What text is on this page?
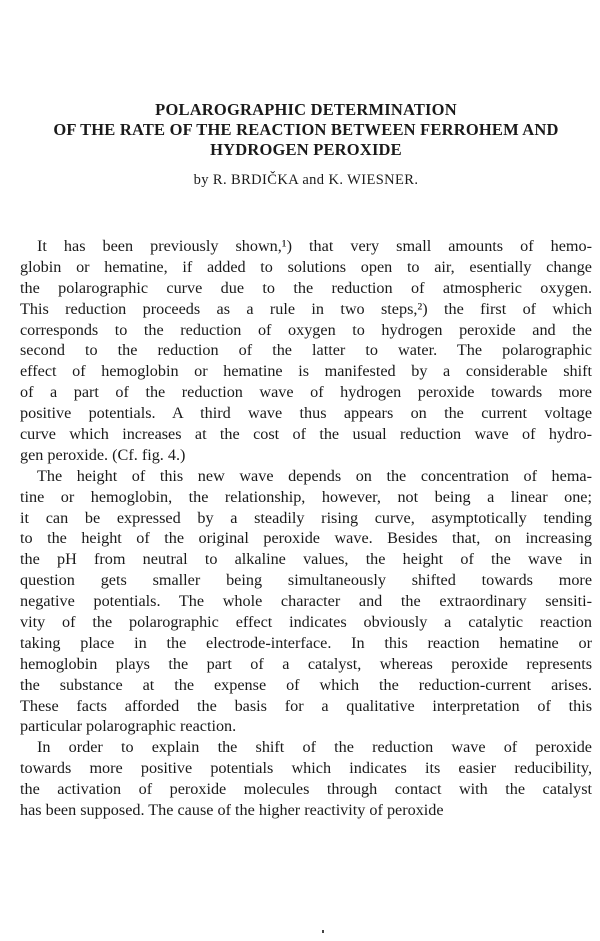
POLAROGRAPHIC DETERMINATION
OF THE RATE OF THE REACTION BETWEEN FERROHEM AND
HYDROGEN PEROXIDE
by R. BRDIČKA and K. WIESNER.

It has been previously shown,¹) that very small amounts of hemo-
globin or hematine, if added to solutions open to air, esentially change
the polarographic curve due to the reduction of atmospheric oxygen.
This reduction proceeds as a rule in two steps,²) the first of which
corresponds to the reduction of oxygen to hydrogen peroxide and the
second to the reduction of the latter to water. The polarographic
effect of hemoglobin or hematine is manifested by a considerable shift
of a part of the reduction wave of hydrogen peroxide towards more
positive potentials. A third wave thus appears on the current voltage
curve which increases at the cost of the usual reduction wave of hydro-
gen peroxide. (Cf. fig. 4.)

The height of this new wave depends on the concentration of hema-
tine or hemoglobin, the relationship, however, not being a linear one;
it can be expressed by a steadily rising curve, asymptotically tending
to the height of the original peroxide wave. Besides that, on increasing
the pH from neutral to alkaline values, the height of the wave in
question gets smaller being simultaneously shifted towards more
negative potentials. The whole character and the extraordinary sensiti-
vity of the polarographic effect indicates obviously a catalytic reaction
taking place in the electrode-interface. In this reaction hematine or
hemoglobin plays the part of a catalyst, whereas peroxide represents
the substance at the expense of which the reduction-current arises.
These facts afforded the basis for a qualitative interpretation of this
particular polarographic reaction.

In order to explain the shift of the reduction wave of peroxide
towards more positive potentials which indicates its easier reducibility,
the activation of peroxide molecules through contact with the catalyst
has been supposed. The cause of the higher reactivity of peroxide
